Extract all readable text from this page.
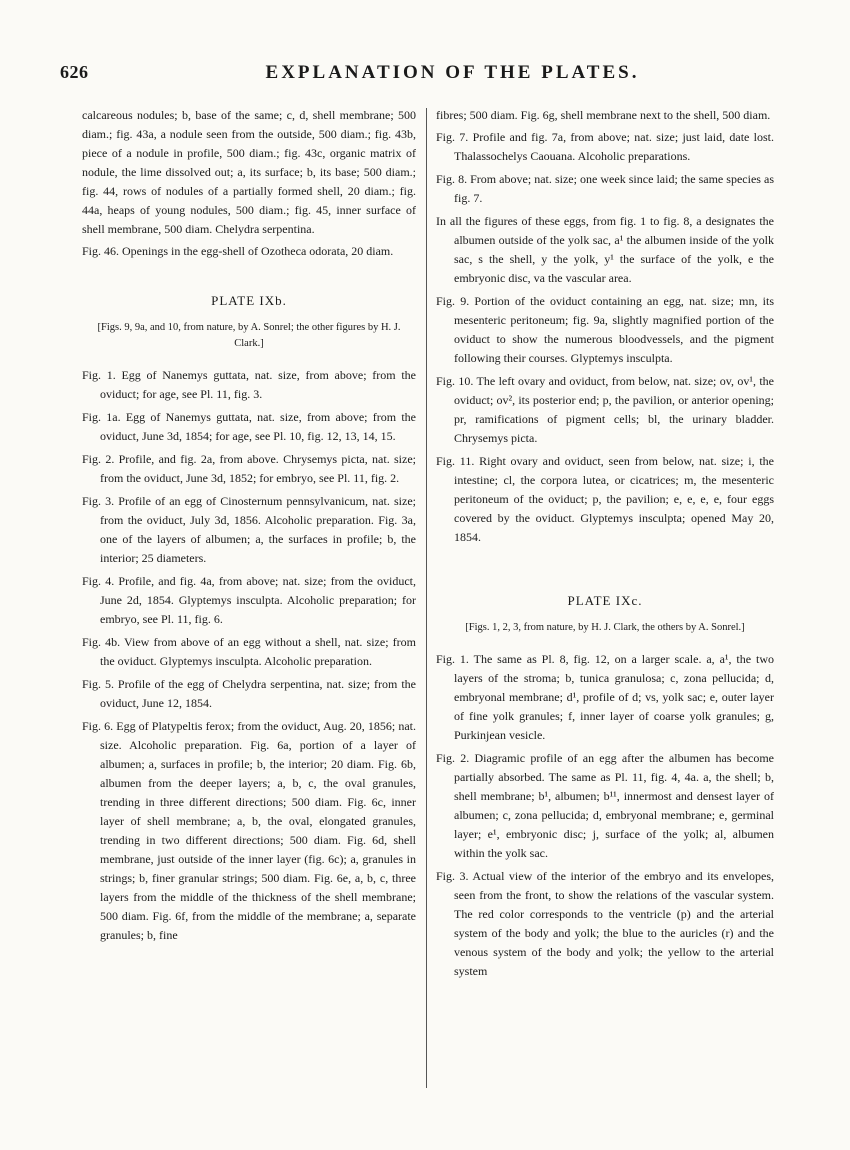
626	EXPLANATION OF THE PLATES.

calcareous nodules; b, base of the same; c, d, shell membrane; 500 diam.; fig. 43a, a nodule seen from the outside, 500 diam.; fig. 43b, piece of a nodule in profile, 500 diam.; fig. 43c, organic matrix of nodule, the lime dissolved out; a, its surface; b, its base; 500 diam.; fig. 44, rows of nodules of a partially formed shell, 20 diam.; fig. 44a, heaps of young nodules, 500 diam.; fig. 45, inner surface of shell membrane, 500 diam. Chelydra serpentina.

Fig. 46. Openings in the egg-shell of Ozotheca odorata, 20 diam.

PLATE IXb.
[Figs. 9, 9a, and 10, from nature, by A. Sonrel; the other figures by H. J. Clark.]

Fig. 1. Egg of Nanemys guttata, nat. size, from above; from the oviduct; for age, see Pl. 11, fig. 3.

Fig. 1a. Egg of Nanemys guttata, nat. size, from above; from the oviduct, June 3d, 1854; for age, see Pl. 10, fig. 12, 13, 14, 15.

Fig. 2. Profile, and fig. 2a, from above. Chrysemys picta, nat. size; from the oviduct, June 3d, 1852; for embryo, see Pl. 11, fig. 2.

Fig. 3. Profile of an egg of Cinosternum pennsylvanicum, nat. size; from the oviduct, July 3d, 1856. Alcoholic preparation. Fig. 3a, one of the layers of albumen; a, the surfaces in profile; b, the interior; 25 diameters.

Fig. 4. Profile, and fig. 4a, from above; nat. size; from the oviduct, June 2d, 1854. Glyptemys insculpta. Alcoholic preparation; for embryo, see Pl. 11, fig. 6.

Fig. 4b. View from above of an egg without a shell, nat. size; from the oviduct. Glyptemys insculpta. Alcoholic preparation.

Fig. 5. Profile of the egg of Chelydra serpentina, nat. size; from the oviduct, June 12, 1854.

Fig. 6. Egg of Platypeltis ferox; from the oviduct, Aug. 20, 1856; nat. size. Alcoholic preparation. Fig. 6a, portion of a layer of albumen; a, surfaces in profile; b, the interior; 20 diam. Fig. 6b, albumen from the deeper layers; a, b, c, the oval granules, trending in three different directions; 500 diam. Fig. 6c, inner layer of shell membrane; a, b, the oval, elongated granules, trending in two different directions; 500 diam. Fig. 6d, shell membrane, just outside of the inner layer (fig. 6c); a, granules in strings; b, finer granular strings; 500 diam. Fig. 6e, a, b, c, three layers from the middle of the thickness of the shell membrane; 500 diam. Fig. 6f, from the middle of the membrane; a, separate granules; b, fine

fibres; 500 diam. Fig. 6g, shell membrane next to the shell, 500 diam.

Fig. 7. Profile and fig. 7a, from above; nat. size; just laid, date lost. Thalassochelys Caouana. Alcoholic preparations.

Fig. 8. From above; nat. size; one week since laid; the same species as fig. 7.

In all the figures of these eggs, from fig. 1 to fig. 8, a designates the albumen outside of the yolk sac, a¹ the albumen inside of the yolk sac, s the shell, y the yolk, y¹ the surface of the yolk, e the embryonic disc, va the vascular area.

Fig. 9. Portion of the oviduct containing an egg, nat. size; mn, its mesenteric peritoneum; fig. 9a, slightly magnified portion of the oviduct to show the numerous bloodvessels, and the pigment following their courses. Glyptemys insculpta.

Fig. 10. The left ovary and oviduct, from below, nat. size; ov, ov¹, the oviduct; ov², its posterior end; p, the pavilion, or anterior opening; pr, ramifications of pigment cells; bl, the urinary bladder. Chrysemys picta.

Fig. 11. Right ovary and oviduct, seen from below, nat. size; i, the intestine; cl, the corpora lutea, or cicatrices; m, the mesenteric peritoneum of the oviduct; p, the pavilion; e, e, e, e, four eggs covered by the oviduct. Glyptemys insculpta; opened May 20, 1854.

PLATE IXc.
[Figs. 1, 2, 3, from nature, by H. J. Clark, the others by A. Sonrel.]

Fig. 1. The same as Pl. 8, fig. 12, on a larger scale. a, a¹, the two layers of the stroma; b, tunica granulosa; c, zona pellucida; d, embryonal membrane; d¹, profile of d; vs, yolk sac; e, outer layer of fine yolk granules; f, inner layer of coarse yolk granules; g, Purkinjean vesicle.

Fig. 2. Diagramic profile of an egg after the albumen has become partially absorbed. The same as Pl. 11, fig. 4, 4a. a, the shell; b, shell membrane; b¹, albumen; b¹¹, innermost and densest layer of albumen; c, zona pellucida; d, embryonal membrane; e, germinal layer; e¹, embryonic disc; j, surface of the yolk; al, albumen within the yolk sac.

Fig. 3. Actual view of the interior of the embryo and its envelopes, seen from the front, to show the relations of the vascular system. The red color corresponds to the ventricle (p) and the arterial system of the body and yolk; the blue to the auricles (r) and the venous system of the body and yolk; the yellow to the arterial system
